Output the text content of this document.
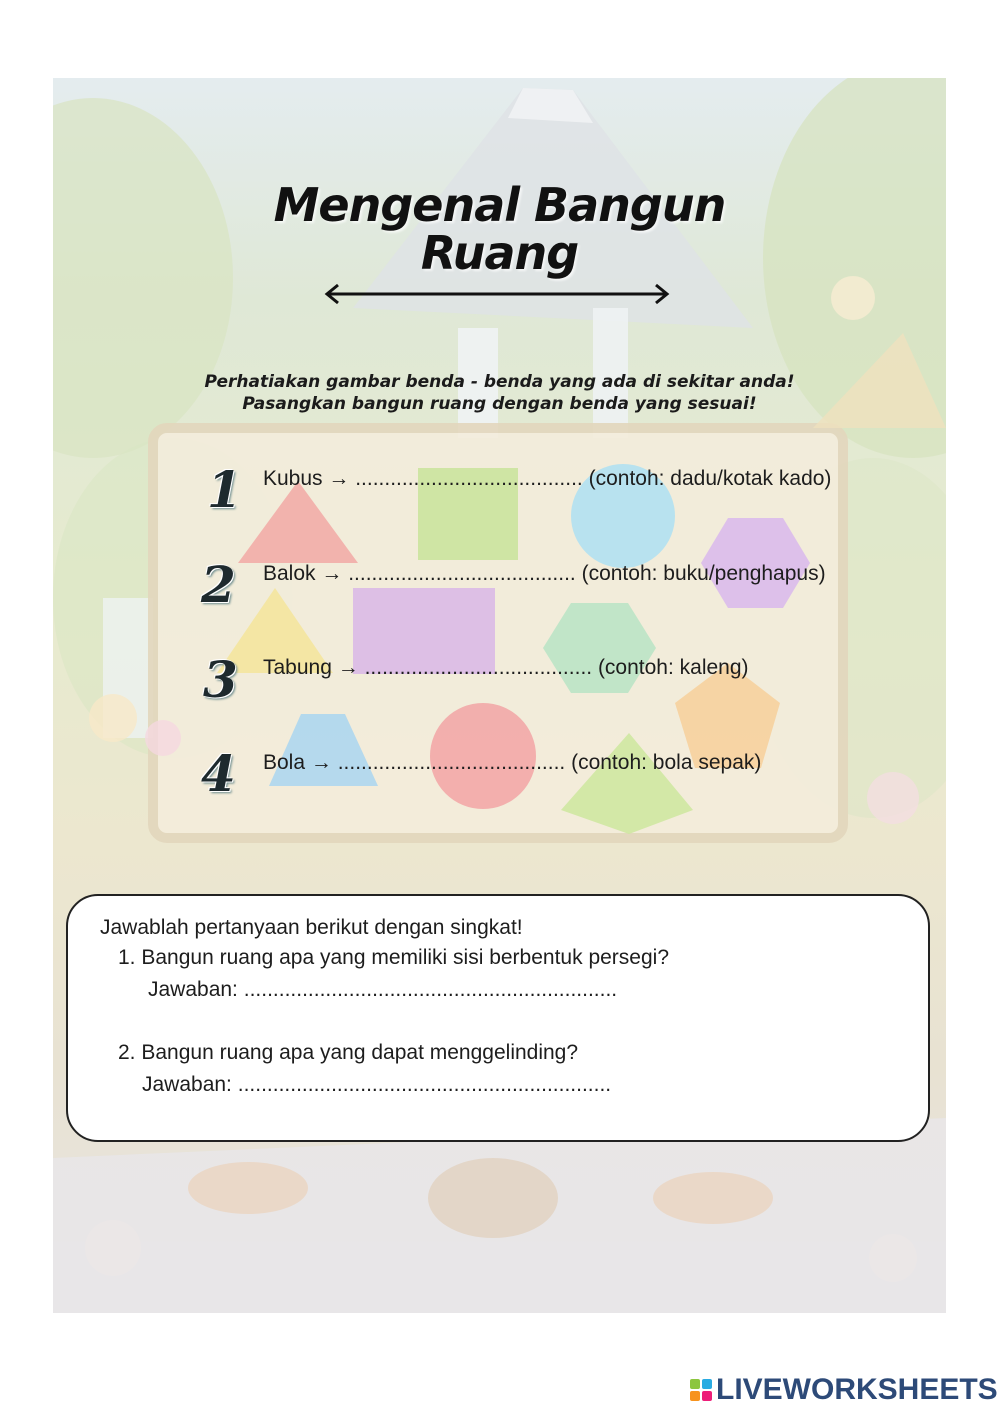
Mengenal Bangun
Ruang
Perhatiakan gambar benda - benda yang ada di sekitar anda!
Pasangkan bangun ruang dengan benda yang sesuai!
1 Kubus → ....................................... (contoh: dadu/kotak kado)
2 Balok → ....................................... (contoh: buku/penghapus)
3 Tabung → ....................................... (contoh: kaleng)
4 Bola → ....................................... (contoh: bola sepak)
Jawablah pertanyaan berikut dengan singkat!
1. Bangun ruang apa yang memiliki sisi berbentuk persegi?
Jawaban: ................................................................
2. Bangun ruang apa yang dapat menggelinding?
Jawaban: ................................................................
LIVEWORKSHEETS
